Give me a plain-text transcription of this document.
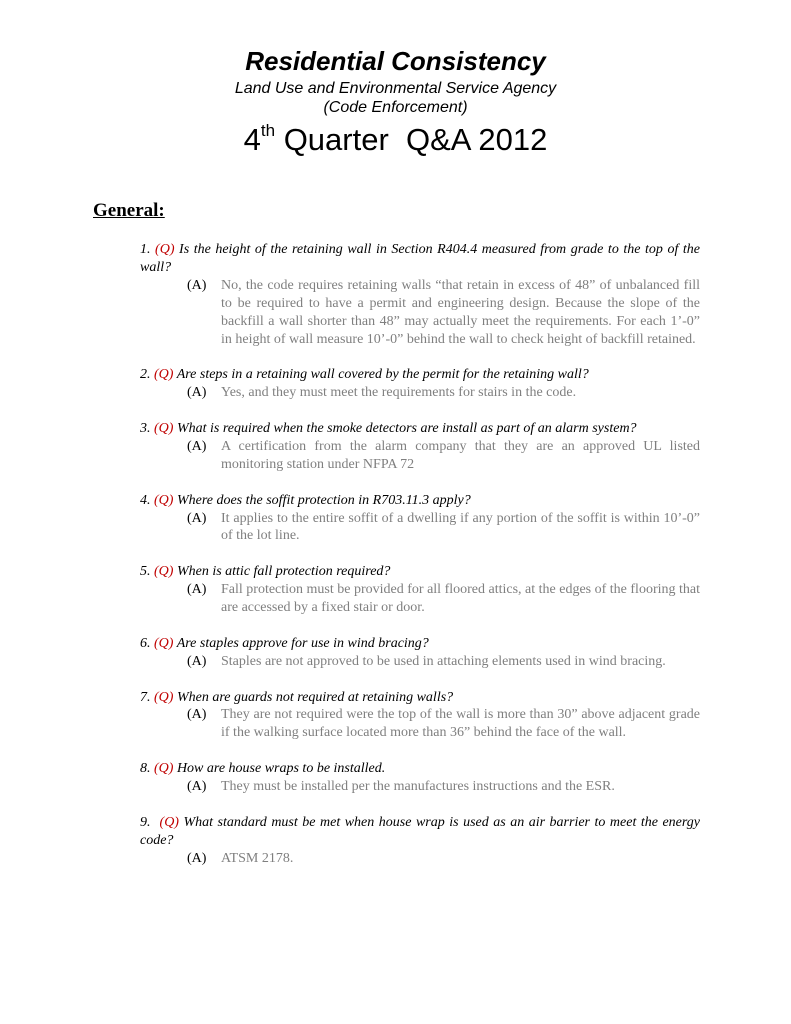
Residential Consistency
Land Use and Environmental Service Agency
(Code Enforcement)
4th Quarter  Q&A 2012
General:

1. (Q) Is the height of the retaining wall in Section R404.4 measured from grade to the top of the wall?

(A) No, the code requires retaining walls “that retain in excess of 48” of unbalanced fill to be required to have a permit and engineering design. Because the slope of the backfill a wall shorter than 48” may actually meet the requirements. For each 1’-0” in height of wall measure 10’-0” behind the wall to check height of backfill retained.

2. (Q) Are steps in a retaining wall covered by the permit for the retaining wall?

(A) Yes, and they must meet the requirements for stairs in the code.

3. (Q) What is required when the smoke detectors are install as part of an alarm system?

(A) A certification from the alarm company that they are an approved UL listed monitoring station under NFPA 72

4. (Q) Where does the soffit protection in R703.11.3 apply?

(A) It applies to the entire soffit of a dwelling if any portion of the soffit is within 10’-0” of the lot line.

5. (Q) When is attic fall protection required?

(A) Fall protection must be provided for all floored attics, at the edges of the flooring that are accessed by a fixed stair or door.

6. (Q) Are staples approve for use in wind bracing?

(A) Staples are not approved to be used in attaching elements used in wind bracing.

7. (Q) When are guards not required at retaining walls?

(A) They are not required were the top of the wall is more than 30” above adjacent grade if the walking surface located more than 36” behind the face of the wall.

8. (Q) How are house wraps to be installed.

(A) They must be installed per the manufactures instructions and the ESR.

9.  (Q) What standard must be met when house wrap is used as an air barrier to meet the energy code?

(A) ATSM 2178.
